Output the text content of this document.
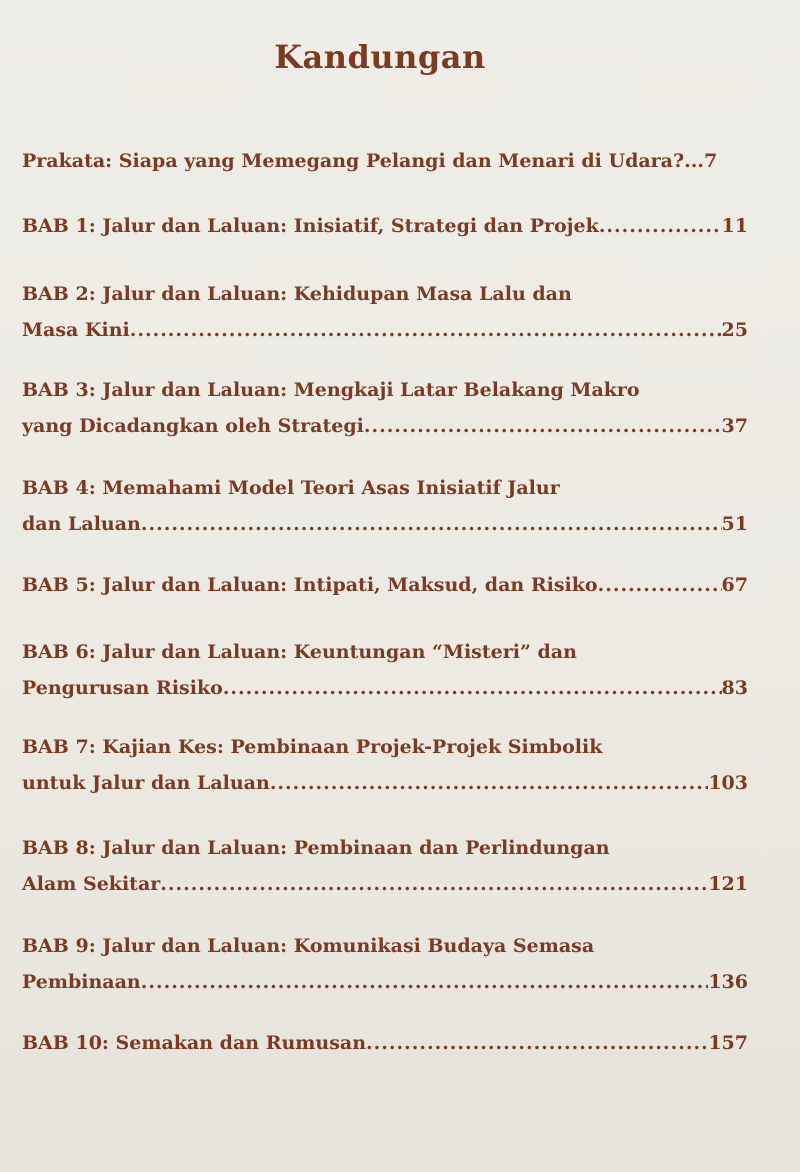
Kandungan
Prakata: Siapa yang Memegang Pelangi dan Menari di Udara?...7
BAB 1: Jalur dan Laluan: Inisiatif, Strategi dan Projek .....	11
BAB 2: Jalur dan Laluan: Kehidupan Masa Lalu dan
Masa Kini .....	25
BAB 3: Jalur dan Laluan: Mengkaji Latar Belakang Makro
yang Dicadangkan oleh Strategi .....	37
BAB 4: Memahami Model Teori Asas Inisiatif Jalur
dan Laluan .....	51
BAB 5: Jalur dan Laluan: Intipati, Maksud, dan Risiko .....	67
BAB 6: Jalur dan Laluan: Keuntungan “Misteri” dan
Pengurusan Risiko .....	83
BAB 7: Kajian Kes: Pembinaan Projek-Projek Simbolik
untuk Jalur dan Laluan .....	103
BAB 8: Jalur dan Laluan: Pembinaan dan Perlindungan
Alam Sekitar .....	121
BAB 9: Jalur dan Laluan: Komunikasi Budaya Semasa
Pembinaan .....	136
BAB 10: Semakan dan Rumusan .....	157
